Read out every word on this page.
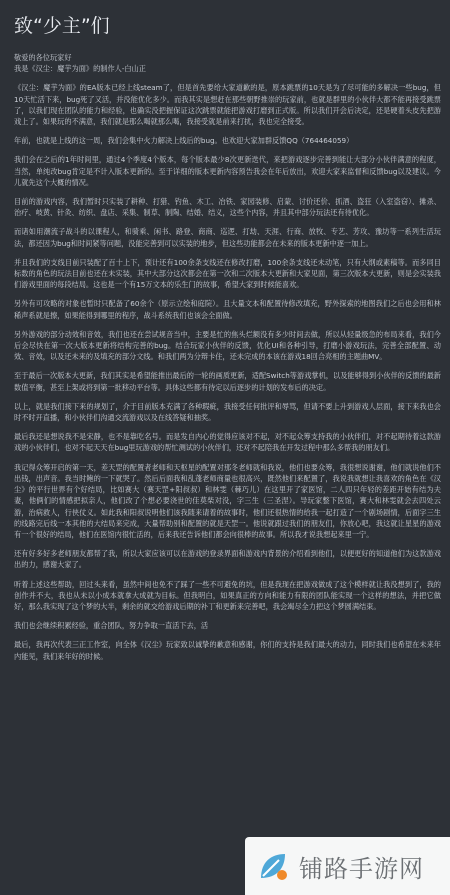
致“少主”们
敬爱的各位玩家好
我是《汉尘：魔芋为面》的制作人-白山正
《汉尘：魔芋为面》的EA版本已经上线steam了，但是首先要给大家道歉的是，原本跳票的10天是为了尽可能的多解决一些bug，但10天忙活下来，bug死了又活，并没能优化多少。而我其实是想赶在那些朝野推崇的玩家前，也就是群里的小伙伴大都不能再接受跳票了，以我们现在团队的能力和经验，也确实没把握保证这次跳票就能把游戏打磨到正式版。所以我们开会后决定，还是硬着头皮先把游戏上了。如果玩的不满意，我们就是那么喝就那么喝，我接受就是前来打扰，我也完全接受。
年前，也就是上线的这一周，我们会集中火力解决上线后的bug。也欢迎大家加群反馈QQ（764464059）
我们会在之后的1年时间里，通过4个季度4个版本，每个版本最少8次更新迭代，来把游戏逐步完善到能让大部分小伙伴满意的程度，当然，单纯改bug肯定是不计入版本更新的。至于详细的版本更新内容预告我会在年后放出，欢迎大家来监督和反馈bug以及建议。今儿就先这个大概的情况。
目前的游戏内容，我们暂时只实装了耕种、打猎、钓鱼、木工、冶铁、家园装修、启蒙、讨价还价、抓酒、盗狂（入室盗窃）、摊杀、治疗、岐黄、针灸、纺织、盘店、采集、制草、制陶、结婚、结义，这些个内容，并且其中部分玩法还有待优化。
而诸如用潮流子战斗的以课程人，和骑乘、闲书、路登、商商、巡逻、打劫、天涯、行商、放牧、专艺、芳攻、豫坊等一系列生活玩法，都还因为bug和时间紧等问题，没能完善到可以实装的地步，但这些功能都会在未来的版本更新中逐一加上。
并且我们的支线目前只装配了百十上下，预计还有100余条支线还在修改打磨，100余条支线还未动笔，只有大纲或素稿等。而多同目标数的角色的玩法目前也还在未实装，其中大部分这次都会在第一次和二次版本大更新和大家见面，第三次版本大更新，则是会实装我们游戏里面的每段结局。这也是一个有15万文本的乐生门的故事，希望大家到时候能喜欢。
另外有可攻略的对象也暂时只配备了60余个（原示立绘和庭院）。且大量文本和配置待修改填充，野外探索的地图我们之后也会用和林稀声系就是擦，如果能得到哪里的程序，战斗系统我们也该会全面做。
另外游戏的部分动效和音效，我们也还在尝试规音当中，主要是忙的焦头烂额没有多少时间去做，所以从轻量级急的布局来看，我们今后会尽快在第一次大版本更新将结构完善的bug。结合玩家小伙伴的反馈，优化UI和各种引导，打磨小游戏玩法，完善全部配置、动效、音效，以及还未来的及填充的部分文线。和我们两为分辩卡住，还未完成的本该在游戏18回合亮相的主题曲MV。
至于最后一次版本大更新，我们其实是希望能推出最后的一轮的画质更新，适配Switch等游戏掌机，以及能够得到小伙伴的反馈的最新数值平衡，甚至上架或将到第一批移动平台等。具体这些都有待定以后逐步的计划的发布后的决定。
以上，就是我们接下来的规划了，介于目前版本充满了各种瑕疵，我接受任何批评和辱骂，但请不要上升到游戏人层面，接下来我也会时不时开直播，和小伙伴们沟通交流游戏以及在线答疑和抽奖。
最后我还是想说我不是宋静，也不是靠吃名号。而是发自内心的觉得应该对不起，对不起众筹支持我的小伙伴们，对不起期待着这款游戏的小伙伴们，也对不起天天在bug里玩游戏的帮忙测试的小伙伴们，还对不起陪我在开发过程中那么多帮我的朋友们。
我记得众筹开启的第一天，差天罡的配置者老师和天枢星的配置对那冬老师就和我说，他们也要众筹，我很想说谢谢，他们就说他们不出钱，出声音。我当时鲍的一下就哭了。然后后面我和乱蓬老师商量也很高兴，既然他们来配置了，我说我就想让我喜欢的角色在《汉尘》的平行世界有个好结局，比如赛大（赛天罡+阳叔叔）和林雯（棘巧儿）在这里开了家医馆，二人四只年轻的差距开始有结为夫妻，他俩们的情感把拟亲人，他们改了个想必要浇世的佳莫柴对没，字三生（三圣涅）。导玩家整下医馆，赛大和林雯就会去四处云游，治病救人，行侠仗义。如此我和阳叔说明他们该我随来请着的故事时，他们还很热情的给我一起打造了一个剧场剧情，后面字三生的线路完后线一本其他的大结局来完成，大量帮助别和配置的就是天罡一。他说就跟过我们的朋友们，你放心吧，我这就让星星的游戏有一个很好的结局，他们在医馆内很忙活的，后来我还告诉他们都会向很棒的故事。所以我才说我想起来里一宁。
还有好多好多老师朋友都帮了我，所以大家应该可以在游戏的登录界面和游戏内背景的介绍看到他们，以便更好的知道他们为这款游戏出的力，感谢大家了。
听着上述这些帮助，回过头来看，虽然中间也免不了踩了一些不可避免的坑，但是我现在把游戏做成了这个模样就让我没想到了，我的创作并不大，我也从未以小成本就拿大成就为目标。但我明白，如果真正的方向和能力有限的团队能实现一个这样的想法，并把它做好，那么我实现了这个梦的大半，剩余的就交给游戏后期的补丁和更新来完善吧，我会竭尽全力把这个梦圆满结束。
我们也会继续积累经验，重合团队，努力争取一直活下去，活
最后，我再次代表三正工作室，向全体《汉尘》玩家致以诚挚的歉意和感谢，你们的支持是我们最大的动力，同时我们也希望在未来年内能见，我们来年好的时候。
铺路手游网
